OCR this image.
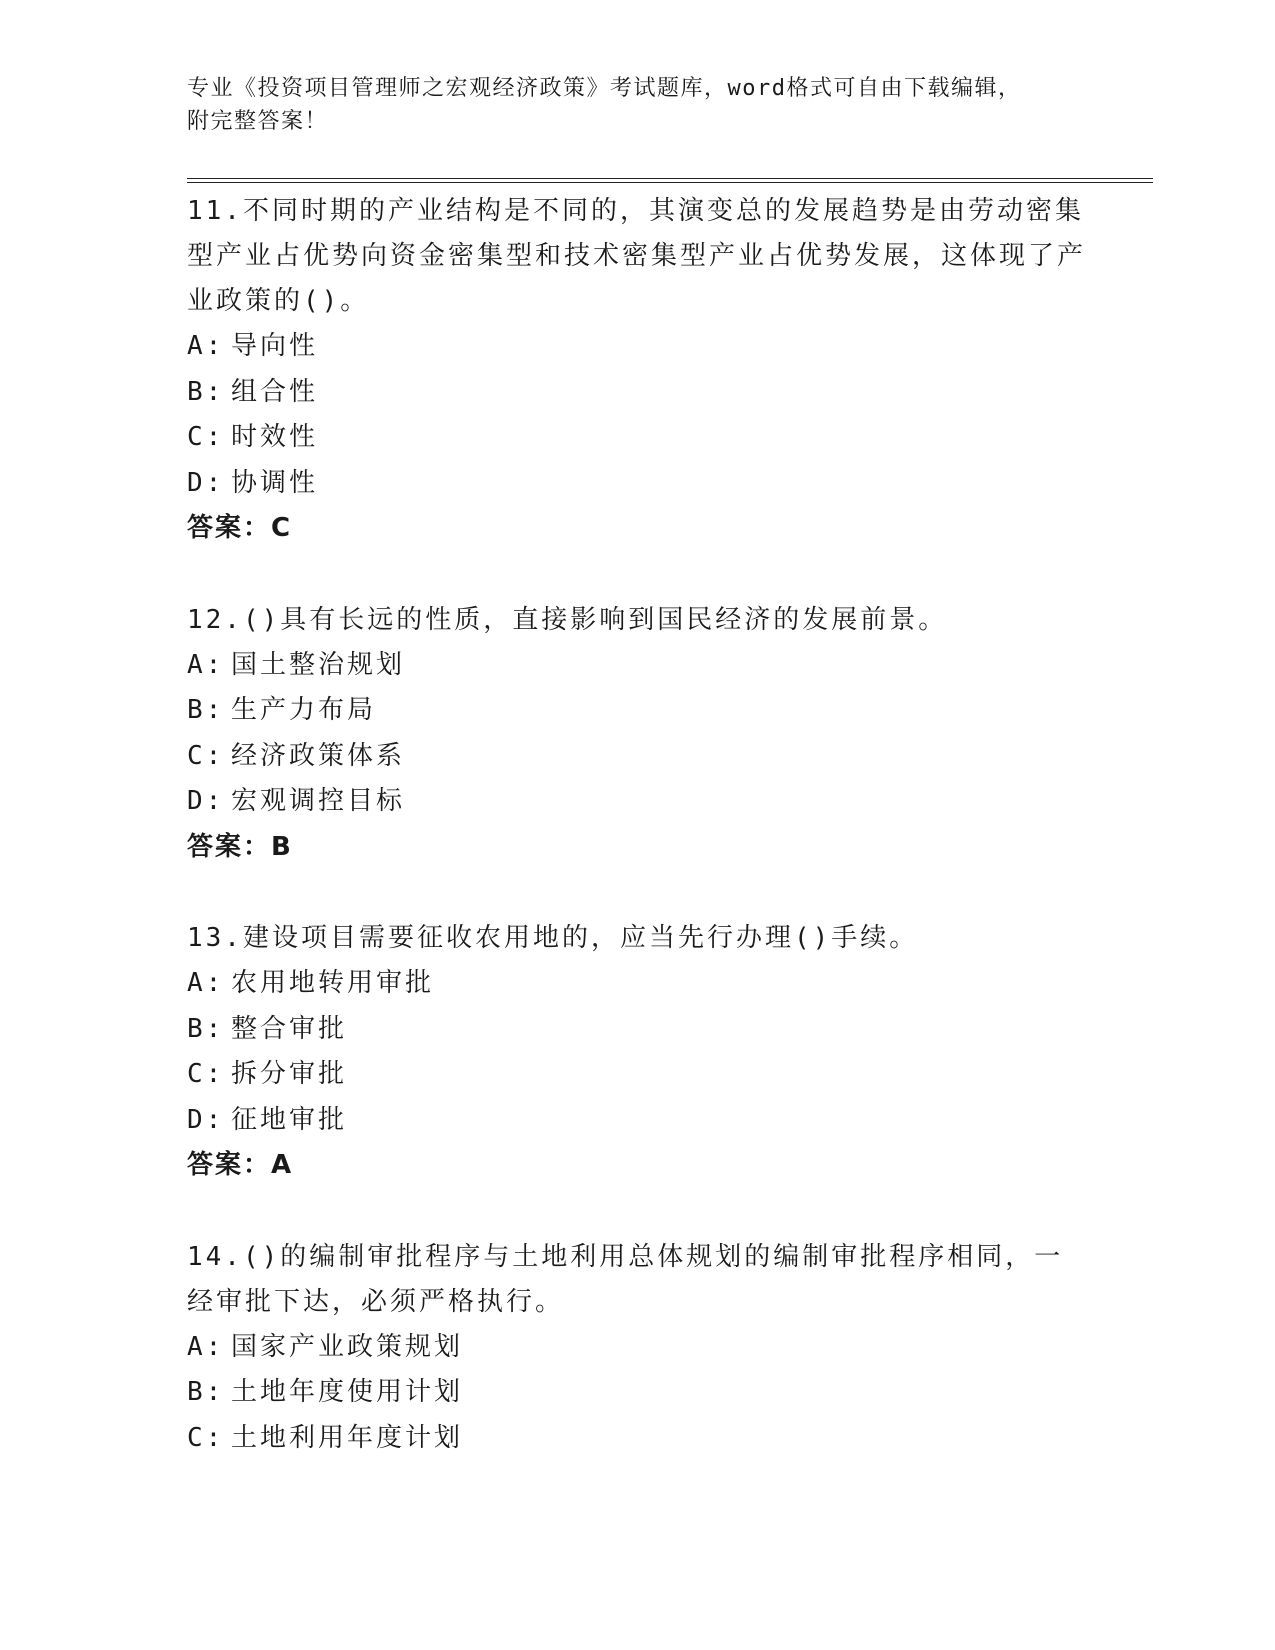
专业《投资项目管理师之宏观经济政策》考试题库，word格式可自由下载编辑，
附完整答案！

11.不同时期的产业结构是不同的，其演变总的发展趋势是由劳动密集型产业占优势向资金密集型和技术密集型产业占优势发展，这体现了产业政策的()。

A: 导向性

B: 组合性

C: 时效性

D: 协调性

答案：C

12.()具有长远的性质，直接影响到国民经济的发展前景。

A: 国土整治规划

B: 生产力布局

C: 经济政策体系

D: 宏观调控目标

答案：B

13.建设项目需要征收农用地的，应当先行办理()手续。

A: 农用地转用审批

B: 整合审批

C: 拆分审批

D: 征地审批

答案：A

14.()的编制审批程序与土地利用总体规划的编制审批程序相同，一经审批下达，必须严格执行。

A: 国家产业政策规划

B: 土地年度使用计划

C: 土地利用年度计划
